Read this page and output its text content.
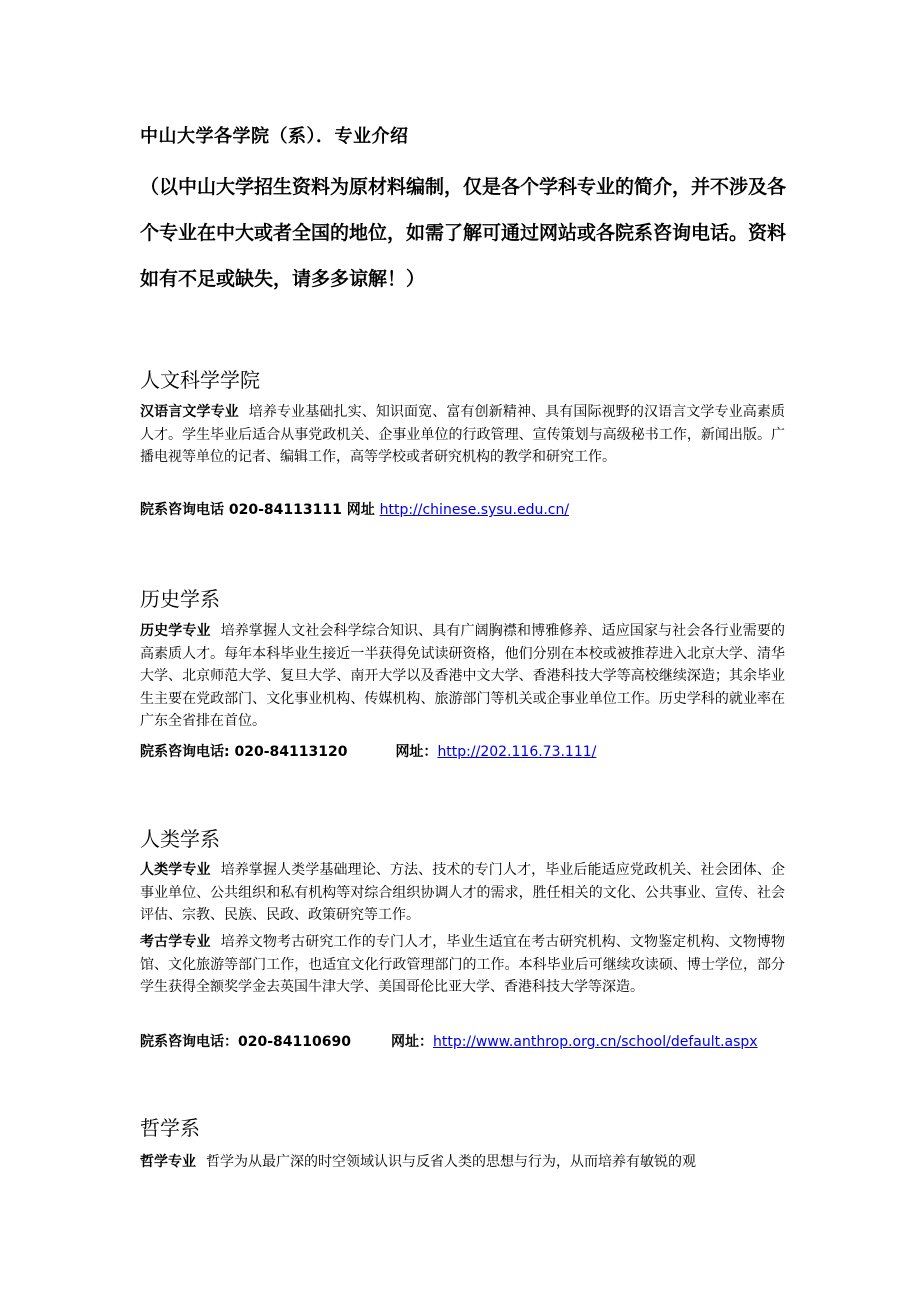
中山大学各学院（系）．专业介绍
（以中山大学招生资料为原材料编制，仅是各个学科专业的简介，并不涉及各个专业在中大或者全国的地位，如需了解可通过网站或各院系咨询电话。资料如有不足或缺失，请多多谅解！）
人文科学学院
汉语言文学专业 培养专业基础扎实、知识面宽、富有创新精神、具有国际视野的汉语言文学专业高素质人才。学生毕业后适合从事党政机关、企事业单位的行政管理、宣传策划与高级秘书工作，新闻出版。广播电视等单位的记者、编辑工作，高等学校或者研究机构的教学和研究工作。
院系咨询电话 020-84113111 网址 http://chinese.sysu.edu.cn/
历史学系
历史学专业 培养掌握人文社会科学综合知识、具有广阔胸襟和博雅修养、适应国家与社会各行业需要的高素质人才。每年本科毕业生接近一半获得免试读研资格，他们分别在本校或被推荐进入北京大学、清华大学、北京师范大学、复旦大学、南开大学以及香港中文大学、香港科技大学等高校继续深造；其余毕业生主要在党政部门、文化事业机构、传媒机构、旅游部门等机关或企事业单位工作。历史学科的就业率在广东全省排在首位。
院系咨询电话: 020-84113120	网址：http://202.116.73.111/
人类学系
人类学专业 培养掌握人类学基础理论、方法、技术的专门人才，毕业后能适应党政机关、社会团体、企事业单位、公共组织和私有机构等对综合组织协调人才的需求，胜任相关的文化、公共事业、宣传、社会评估、宗教、民族、民政、政策研究等工作。
考古学专业 培养文物考古研究工作的专门人才，毕业生适宜在考古研究机构、文物鉴定机构、文物博物馆、文化旅游等部门工作，也适宜文化行政管理部门的工作。本科毕业后可继续攻读硕、博士学位，部分学生获得全额奖学金去英国牛津大学、美国哥伦比亚大学、香港科技大学等深造。
院系咨询电话：020-84110690	网址：http://www.anthrop.org.cn/school/default.aspx
哲学系
哲学专业 哲学为从最广深的时空领域认识与反省人类的思想与行为，从而培养有敏锐的观
